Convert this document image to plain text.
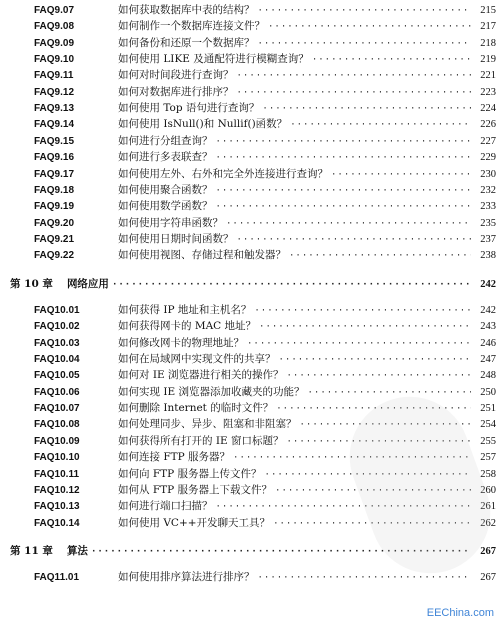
FAQ9.07	如何获取数据库中表的结构？ ·····	215
FAQ9.08	如何制作一个数据库连接文件？ ·····	217
FAQ9.09	如何备份和还原一个数据库？ ·····	218
FAQ9.10	如何使用 LIKE 及通配符进行模糊查询？ ·····	219
FAQ9.11	如何对时间段进行查询？ ·····	221
FAQ9.12	如何对数据库进行排序？ ·····	223
FAQ9.13	如何使用 Top 语句进行查询？ ·····	224
FAQ9.14	如何使用 IsNull()和 Nullif()函数？ ·····	226
FAQ9.15	如何进行分组查询？ ·····	227
FAQ9.16	如何进行多表联查？ ·····	229
FAQ9.17	如何使用左外、右外和完全外连接进行查询？ ·····	230
FAQ9.18	如何使用聚合函数？ ·····	232
FAQ9.19	如何使用数学函数？ ·····	233
FAQ9.20	如何使用字符串函数？ ·····	235
FAQ9.21	如何使用日期时间函数？ ·····	237
FAQ9.22	如何使用视图、存储过程和触发器？ ·····	238
第 10 章 网络应用 ·····	242
FAQ10.01	如何获得 IP 地址和主机名？ ·····	242
FAQ10.02	如何获得网卡的 MAC 地址？ ·····	243
FAQ10.03	如何修改网卡的物理地址？ ·····	246
FAQ10.04	如何在局域网中实现文件的共享？ ·····	247
FAQ10.05	如何对 IE 浏览器进行相关的操作？ ·····	248
FAQ10.06	如何实现 IE 浏览器添加收藏夹的功能？ ·····	250
FAQ10.07	如何删除 Internet 的临时文件？ ·····	251
FAQ10.08	如何处理同步、异步、阻塞和非阻塞？ ·····	254
FAQ10.09	如何获得所有打开的 IE 窗口标题？ ·····	255
FAQ10.10	如何连接 FTP 服务器？ ·····	257
FAQ10.11	如何向 FTP 服务器上传文件？ ·····	258
FAQ10.12	如何从 FTP 服务器上下载文件？ ·····	260
FAQ10.13	如何进行端口扫描？ ·····	261
FAQ10.14	如何使用 VC++开发聊天工具？ ·····	262
第 11 章 算法 ·····	267
FAQ11.01	如何使用排序算法进行排序？ ·····	267
EEChina.com
